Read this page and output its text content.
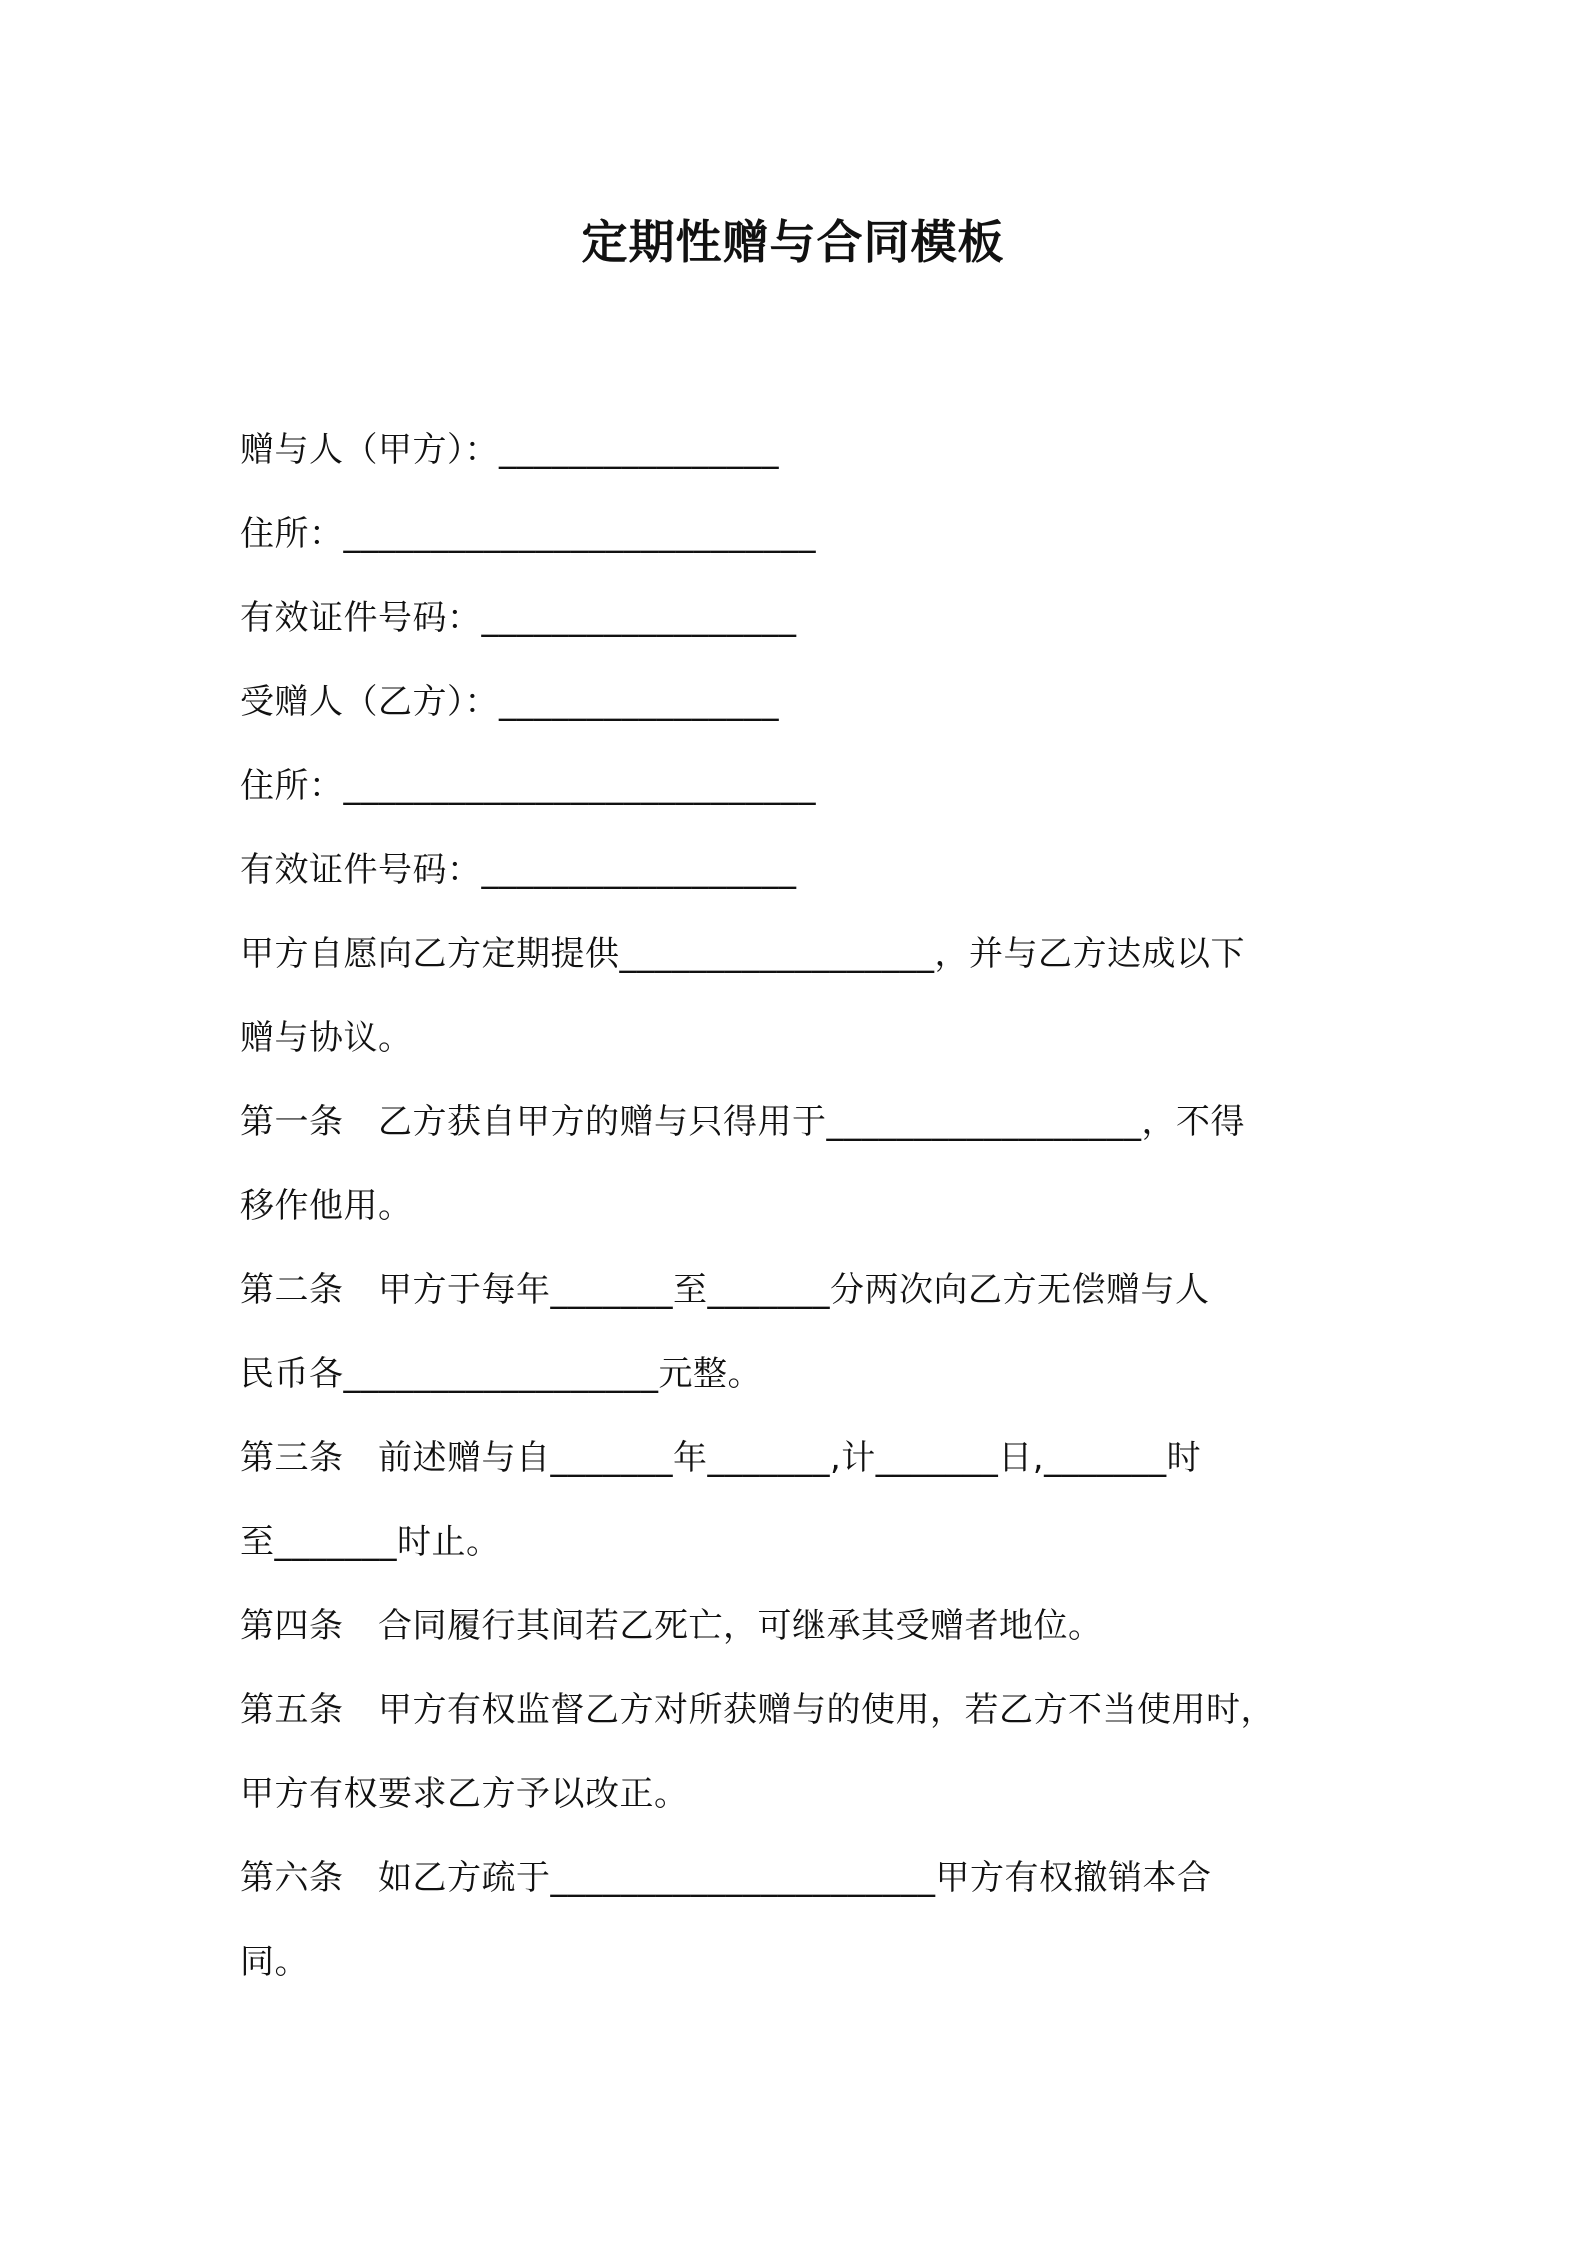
定期性赠与合同模板
赠与人（甲方）：________________
住所：___________________________
有效证件号码：__________________
受赠人（乙方）：________________
住所：___________________________
有效证件号码：__________________
甲方自愿向乙方定期提供__________________，并与乙方达成以下
赠与协议。
第一条　乙方获自甲方的赠与只得用于__________________，不得
移作他用。
第二条　甲方于每年_______至_______分两次向乙方无偿赠与人
民币各__________________元整。
第三条　前述赠与自_______年_______,计_______日,_______时
至_______时止。
第四条　合同履行其间若乙死亡，可继承其受赠者地位。
第五条　甲方有权监督乙方对所获赠与的使用，若乙方不当使用时，
甲方有权要求乙方予以改正。
第六条　如乙方疏于______________________甲方有权撤销本合
同。
